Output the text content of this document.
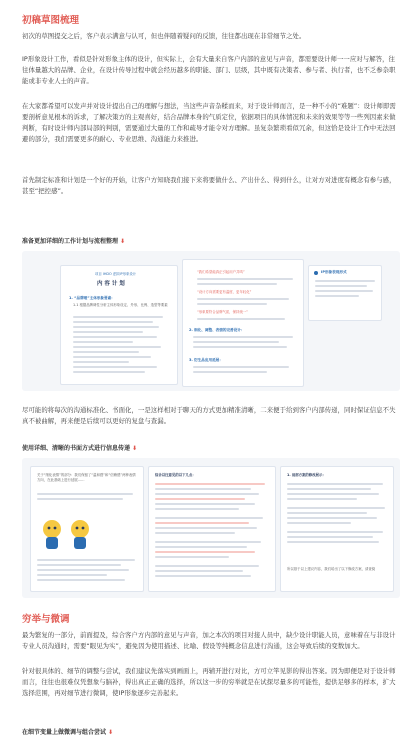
初稿草图梳理

初次的草图提交之后，客户表示满意与认可，但也伴随着疑问的反馈，往往都出现在非常细节之处。

IP形象设计工作，看似是针对形象主体的设计，但实际上，会有大量来自客户内部的意见与声音，都需要设计师一一应对与解答，往往体量越大的品牌、企业，在设计传导过程中就会经历越多的职能、部门、层级，其中既有决策者、参与者、执行者，也不乏参杂职能或非专业人士的声音。

在大家都希望可以发声并对设计提出自己的理解与想法，当这些声音杂糅而来，对于设计师而言，是一种不小的“难题”：设计师即需要剖析意见根本的诉求，了解决策方的主观喜好，结合品牌本身的气质定位，依据项目的具体情况和未来的效果等等一些列因素来做判断，有时设计师内部局部的判别，需要通过大量的工作和疏导才能令对方理解。虽复杂繁琐看似冗余，但这恰是设计工作中无法回避的部分，我们需要更多的耐心、专业思维、沟通能力来推进。

首先制定标准和计划是一个好的开始，让客户方知晓我们接下来将要做什么、产出什么、得到什么，让对方对进度有概念有参与感，甚至“把控感”。

准备更加详细的工作计划与流程整理 ⬇
项目 IHDO 虚拟IP形象设计
内 容 计 划
1. “品牌理”主体形象要素：
1.1 根据品牌调性分析主体形象设定、外形、比例、造型等要素
“我们希望能真正引起用户共鸣”
“设计方向需要更有温度、更年轻化”
“形象要符合品牌气质，保持统一”
2. 细化、调整、表情的完善设计：
3. 衍生品应用延展：
IP形象表现形式

尽可能的将每次的沟通标准化、书面化，一是这样相对于聊天的方式更加精准清晰，二来便于给到客户内部传递，同时保证信息不失真不被曲解，再来便是后续可以更好的复盘与查漏。

使用详细、清晰的书面方式进行信息传递 ⬇
关于“细化表情”的部分：我们保留了“温和感”和“信赖感”两种表情方向，在此基础上进行延展……
综合以往意见的以下几点：	1. 局部方案的修改展示：
所以基于以上建议内容，我们给出了以下修改方案，请查阅
穷举与微调

最为繁复的一部分，前面提及，综合客户方内部的意见与声音，加之本次的项目对接人员中，缺少设计职能人员，意味着在与非设计专业人员沟通时，需要“眼见为实”，避免因为使用描述、比喻、假设等纯概念信息进行沟通，这会导致后续的变数加大。

针对很具体的、细节的调整与尝试，我们建议先落实到画面上，再辅开进行对比，方可立竿见影的得出答案。因为即便是对于设计师而言，往往也很难仅凭想象与脑补，得出真正正确的选择，所以这一步的穷举就是在试探尽量多的可能性，提供足够多的样本，扩大选择范围，再对细节进行微调，使IP形象逐步完善起来。

在细节变量上做微调与组合尝试 ⬇
